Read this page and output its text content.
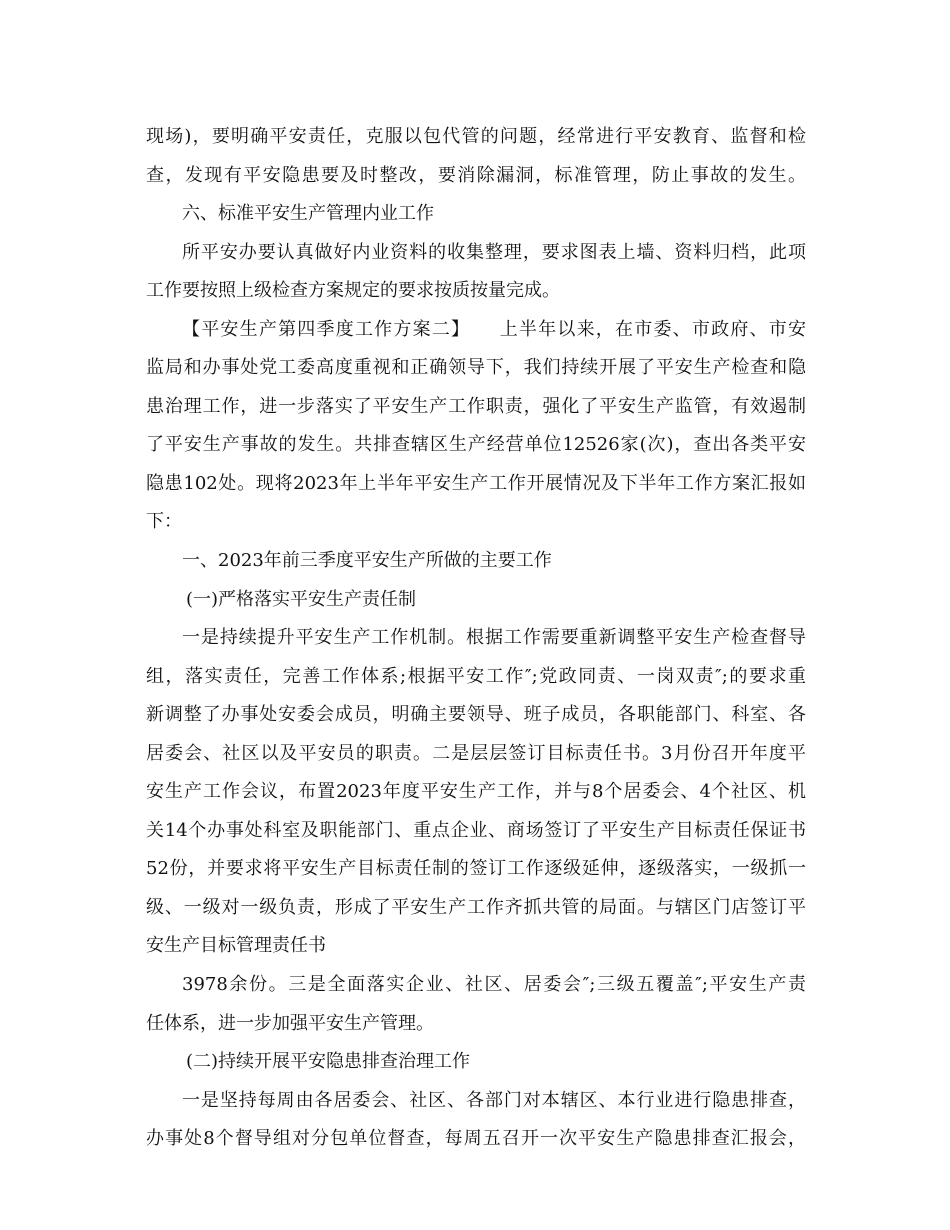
现场)，要明确平安责任，克服以包代管的问题，经常进行平安教育、监督和检
查，发现有平安隐患要及时整改，要消除漏洞，标准管理，防止事故的发生。
六、标准平安生产管理内业工作
所平安办要认真做好内业资料的收集整理，要求图表上墙、资料归档，此项
工作要按照上级检查方案规定的要求按质按量完成。
【平安生产第四季度工作方案二】　　上半年以来，在市委、市政府、市安
监局和办事处党工委高度重视和正确领导下，我们持续开展了平安生产检查和隐
患治理工作，进一步落实了平安生产工作职责，强化了平安生产监管，有效遏制
了平安生产事故的发生。共排查辖区生产经营单位12526家(次)，查出各类平安
隐患102处。现将2023年上半年平安生产工作开展情况及下半年工作方案汇报如
下：
一、2023年前三季度平安生产所做的主要工作
(一)严格落实平安生产责任制
一是持续提升平安生产工作机制。根据工作需要重新调整平安生产检查督导
组，落实责任，完善工作体系;根据平安工作″;党政同责、一岗双责″;的要求重
新调整了办事处安委会成员，明确主要领导、班子成员，各职能部门、科室、各
居委会、社区以及平安员的职责。二是层层签订目标责任书。3月份召开年度平
安生产工作会议，布置2023年度平安生产工作，并与8个居委会、4个社区、机
关14个办事处科室及职能部门、重点企业、商场签订了平安生产目标责任保证书
52份，并要求将平安生产目标责任制的签订工作逐级延伸，逐级落实，一级抓一
级、一级对一级负责，形成了平安生产工作齐抓共管的局面。与辖区门店签订平
安生产目标管理责任书
3978余份。三是全面落实企业、社区、居委会″;三级五覆盖″;平安生产责
任体系，进一步加强平安生产管理。
(二)持续开展平安隐患排查治理工作
一是坚持每周由各居委会、社区、各部门对本辖区、本行业进行隐患排查，
办事处8个督导组对分包单位督查，每周五召开一次平安生产隐患排查汇报会，
